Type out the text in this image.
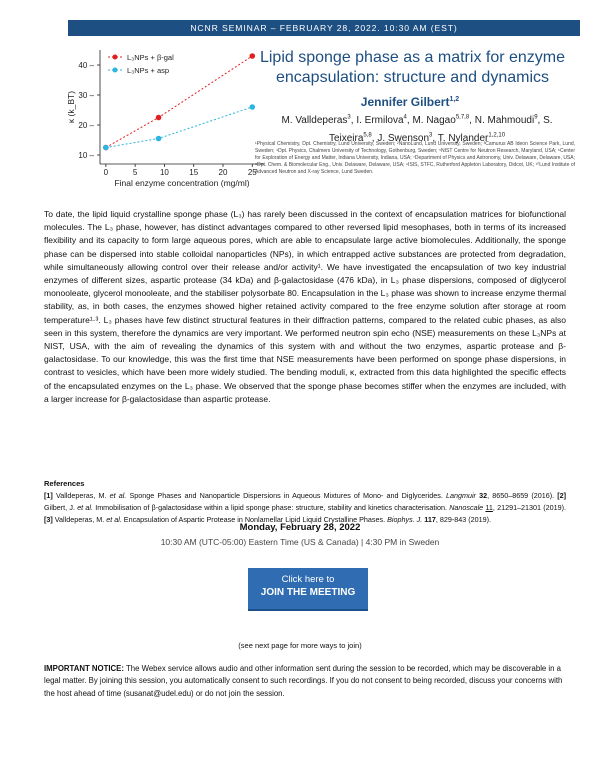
NCNR SEMINAR – FEBRUARY 28, 2022. 10:30 AM (EST)
0	5	10	15	20	25
10 –
20 –
30 –
40 –
Final enzyme concentration (mg/ml)
κ (k_BT)
L₃NPs + β-gal
L₃NPs + asp
Lipid sponge phase as a matrix for enzyme encapsulation: structure and dynamics
Jennifer Gilbert$^{1,2}$
M. Valldeperas$^3$, I. Ermilova$^4$, M. Nagao$^{5,7,8}$, N. Mahmoudi$^9$, S. Teixeira$^{5,8}$, J. Swenson$^3$, T. Nylander$^{1,2,10}$
¹Physical Chemistry, Dpt. Chemistry, Lund University, Sweden; ²NanoLund, Lund University, Sweden; ³Camurus AB Ideon Science Park, Lund, Sweden; ⁴Dpt. Physics, Chalmers University of Technology, Gothenburg, Sweden; ⁵NIST Centre for Neutron Research, Maryland, USA; ⁶Center for Exploration of Energy and Matter, Indiana University, Indiana, USA; ⁷Department of Physics and Astronomy, Univ. Delaware, Delaware, USA; ⁸Dpt. Chem. & Biomolecular Eng., Univ. Delaware, Delaware, USA; ⁹ISIS, STFC, Rutherford Appleton Laboratory, Didcot, UK; ¹⁰Lund Institute of Advanced Neutron and X-ray Science, Lund Sweden.
To date, the lipid liquid crystalline sponge phase (L₃) has rarely been discussed in the context of encapsulation matrices for biofunctional molecules. The L₃ phase, however, has distinct advantages compared to other reversed lipid mesophases, both in terms of its increased flexibility and its capacity to form large aqueous pores, which are able to encapsulate large active biomolecules. Additionally, the sponge phase can be dispersed into stable colloidal nanoparticles (NPs), in which entrapped active substances are protected from degradation, while simultaneously allowing control over their release and/or activity¹. We have investigated the encapsulation of two key industrial enzymes of different sizes, aspartic protease (34 kDa) and β-galactosidase (476 kDa), in L₃ phase dispersions, composed of diglycerol monooleate, glycerol monooleate, and the stabiliser polysorbate 80. Encapsulation in the L₃ phase was shown to increase enzyme thermal stability, as, in both cases, the enzymes showed higher retained activity compared to the free enzyme solution after storage at room temperature¹·³. L₃ phases have few distinct structural features in their diffraction patterns, compared to the related cubic phases, as also seen in this system, therefore the dynamics are very important. We performed neutron spin echo (NSE) measurements on these L₃NPs at NIST, USA, with the aim of revealing the dynamics of this system with and without the two enzymes, aspartic protease and β-galactosidase. To our knowledge, this was the first time that NSE measurements have been performed on sponge phase dispersions, in contrast to vesicles, which have been more widely studied. The bending moduli, κ, extracted from this data highlighted the specific effects of the encapsulated enzymes on the L₃ phase. We observed that the sponge phase becomes stiffer when the enzymes are included, with a larger increase for β-galactosidase than aspartic protease.
References
[1] Valldeperas, M. et al. Sponge Phases and Nanoparticle Dispersions in Aqueous Mixtures of Mono- and Diglycerides. Langmuir 32, 8650–8659 (2016). [2] Gilbert, J. et al. Immobilisation of β-galactosidase within a lipid sponge phase: structure, stability and kinetics characterisation. Nanoscale 11, 21291–21301 (2019). [3] Valldeperas, M. et al. Encapsulation of Aspartic Protease in Nonlamellar Lipid Liquid Crystalline Phases. Biophys. J. 117, 829-843 (2019).
Monday, February 28, 2022
10:30 AM (UTC-05:00) Eastern Time (US & Canada) | 4:30 PM in Sweden
Click here to
JOIN THE MEETING
(see next page for more ways to join)
IMPORTANT NOTICE: The Webex service allows audio and other information sent during the session to be recorded, which may be discoverable in a legal matter. By joining this session, you automatically consent to such recordings. If you do not consent to being recorded, discuss your concerns with the host ahead of time (susanat@udel.edu) or do not join the session.
